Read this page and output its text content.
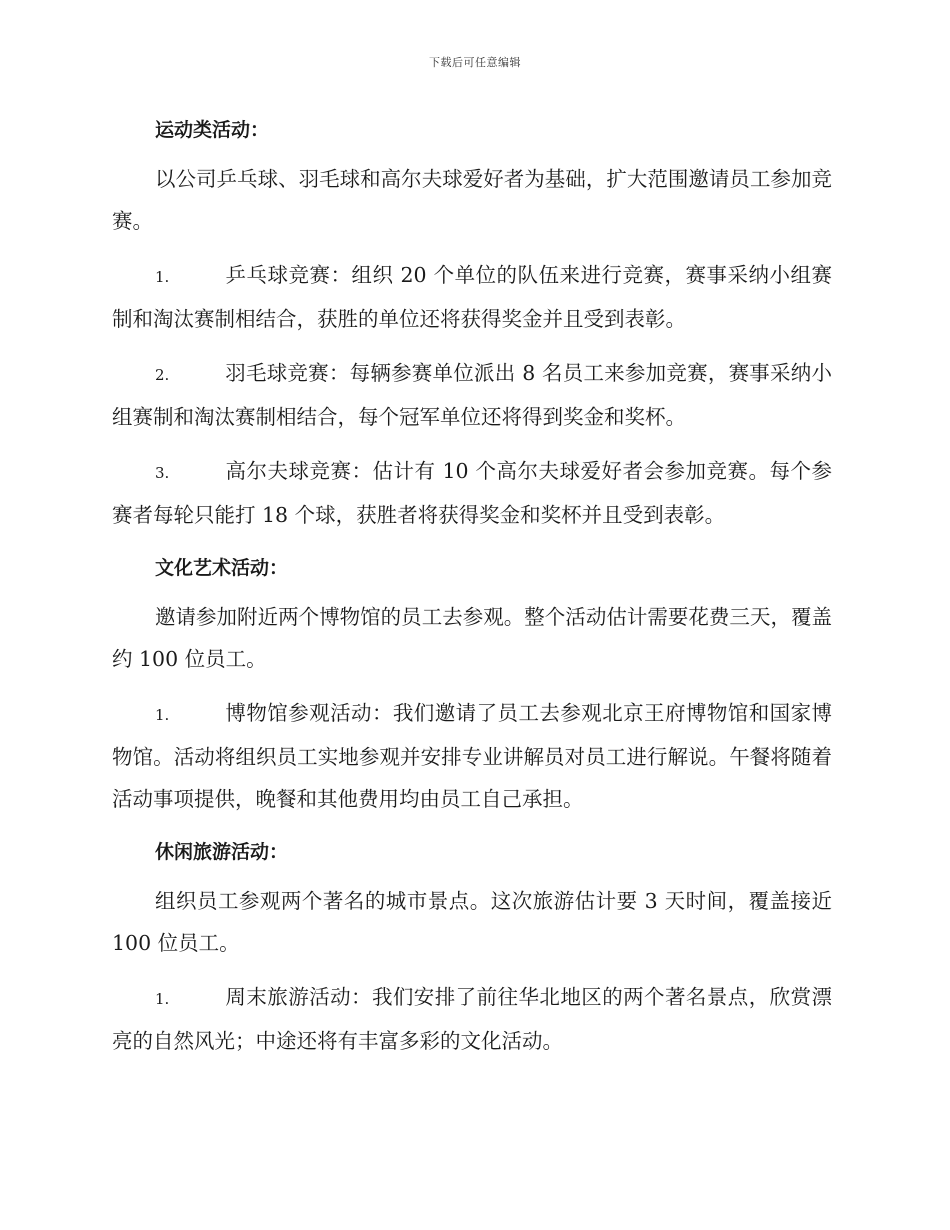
下载后可任意编辑
运动类活动：

以公司乒乓球、羽毛球和高尔夫球爱好者为基础，扩大范围邀请员工参加竞赛。

1.	乒乓球竞赛：组织 20 个单位的队伍来进行竞赛，赛事采纳小组赛制和淘汰赛制相结合，获胜的单位还将获得奖金并且受到表彰。

2.	羽毛球竞赛：每辆参赛单位派出 8 名员工来参加竞赛，赛事采纳小组赛制和淘汰赛制相结合，每个冠军单位还将得到奖金和奖杯。

3.	高尔夫球竞赛：估计有 10 个高尔夫球爱好者会参加竞赛。每个参赛者每轮只能打 18 个球，获胜者将获得奖金和奖杯并且受到表彰。

文化艺术活动：

邀请参加附近两个博物馆的员工去参观。整个活动估计需要花费三天，覆盖约 100 位员工。

1.	博物馆参观活动：我们邀请了员工去参观北京王府博物馆和国家博物馆。活动将组织员工实地参观并安排专业讲解员对员工进行解说。午餐将随着活动事项提供，晚餐和其他费用均由员工自己承担。

休闲旅游活动：

组织员工参观两个著名的城市景点。这次旅游估计要 3 天时间，覆盖接近 100 位员工。

1.	周末旅游活动：我们安排了前往华北地区的两个著名景点，欣赏漂亮的自然风光；中途还将有丰富多彩的文化活动。
